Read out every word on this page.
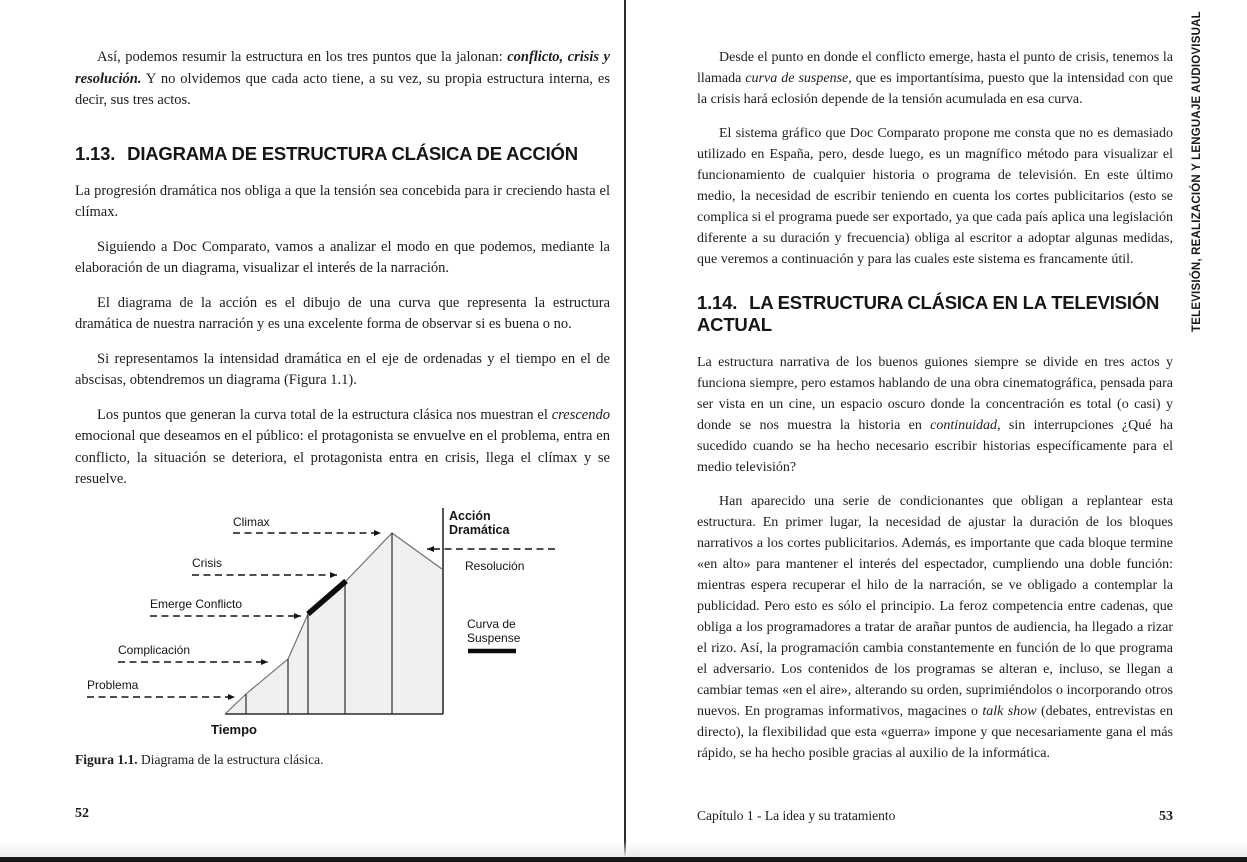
Así, podemos resumir la estructura en los tres puntos que la jalonan: conflicto, crisis y resolución. Y no olvidemos que cada acto tiene, a su vez, su propia estructura interna, es decir, sus tres actos.

1.13. DIAGRAMA DE ESTRUCTURA CLÁSICA DE ACCIÓN

La progresión dramática nos obliga a que la tensión sea concebida para ir creciendo hasta el clímax.

Siguiendo a Doc Comparato, vamos a analizar el modo en que podemos, mediante la elaboración de un diagrama, visualizar el interés de la narración.

El diagrama de la acción es el dibujo de una curva que representa la estructura dramática de nuestra narración y es una excelente forma de observar si es buena o no.

Si representamos la intensidad dramática en el eje de ordenadas y el tiempo en el de abscisas, obtendremos un diagrama (Figura 1.1).

Los puntos que generan la curva total de la estructura clásica nos muestran el crescendo emocional que deseamos en el público: el protagonista se envuelve en el problema, entra en conflicto, la situación se deteriora, el protagonista entra en crisis, llega el clímax y se resuelve.

Climax
Crisis
Emerge Conflicto
Complicación
Problema
Resolución
Acción
Dramática
Curva de
Suspense
Tiempo

Figura 1.1. Diagrama de la estructura clásica.

Desde el punto en donde el conflicto emerge, hasta el punto de crisis, tenemos la llamada curva de suspense, que es importantísima, puesto que la intensidad con que la crisis hará eclosión depende de la tensión acumulada en esa curva.

El sistema gráfico que Doc Comparato propone me consta que no es demasiado utilizado en España, pero, desde luego, es un magnífico método para visualizar el funcionamiento de cualquier historia o programa de televisión. En este último medio, la necesidad de escribir teniendo en cuenta los cortes publicitarios (esto se complica si el programa puede ser exportado, ya que cada país aplica una legislación diferente a su duración y frecuencia) obliga al escritor a adoptar algunas medidas, que veremos a continuación y para las cuales este sistema es francamente útil.

1.14. LA ESTRUCTURA CLÁSICA EN LA TELEVISIÓN ACTUAL

La estructura narrativa de los buenos guiones siempre se divide en tres actos y funciona siempre, pero estamos hablando de una obra cinematográfica, pensada para ser vista en un cine, un espacio oscuro donde la concentración es total (o casi) y donde se nos muestra la historia en continuidad, sin interrupciones ¿Qué ha sucedido cuando se ha hecho necesario escribir historias específicamente para el medio televisión?

Han aparecido una serie de condicionantes que obligan a replantear esta estructura. En primer lugar, la necesidad de ajustar la duración de los bloques narrativos a los cortes publicitarios. Además, es importante que cada bloque termine «en alto» para mantener el interés del espectador, cumpliendo una doble función: mientras espera recuperar el hilo de la narración, se ve obligado a contemplar la publicidad. Pero esto es sólo el principio. La feroz competencia entre cadenas, que obliga a los programadores a tratar de arañar puntos de audiencia, ha llegado a rizar el rizo. Así, la programación cambia constantemente en función de lo que programa el adversario. Los contenidos de los programas se alteran e, incluso, se llegan a cambiar temas «en el aire», alterando su orden, suprimiéndolos o incorporando otros nuevos. En programas informativos, magacines o talk show (debates, entrevistas en directo), la flexibilidad que esta «guerra» impone y que necesariamente gana el más rápido, se ha hecho posible gracias al auxilio de la informática.

52	Capítulo 1 - La idea y su tratamiento	53
TELEVISIÓN, REALIZACIÓN Y LENGUAJE AUDIOVISUAL
